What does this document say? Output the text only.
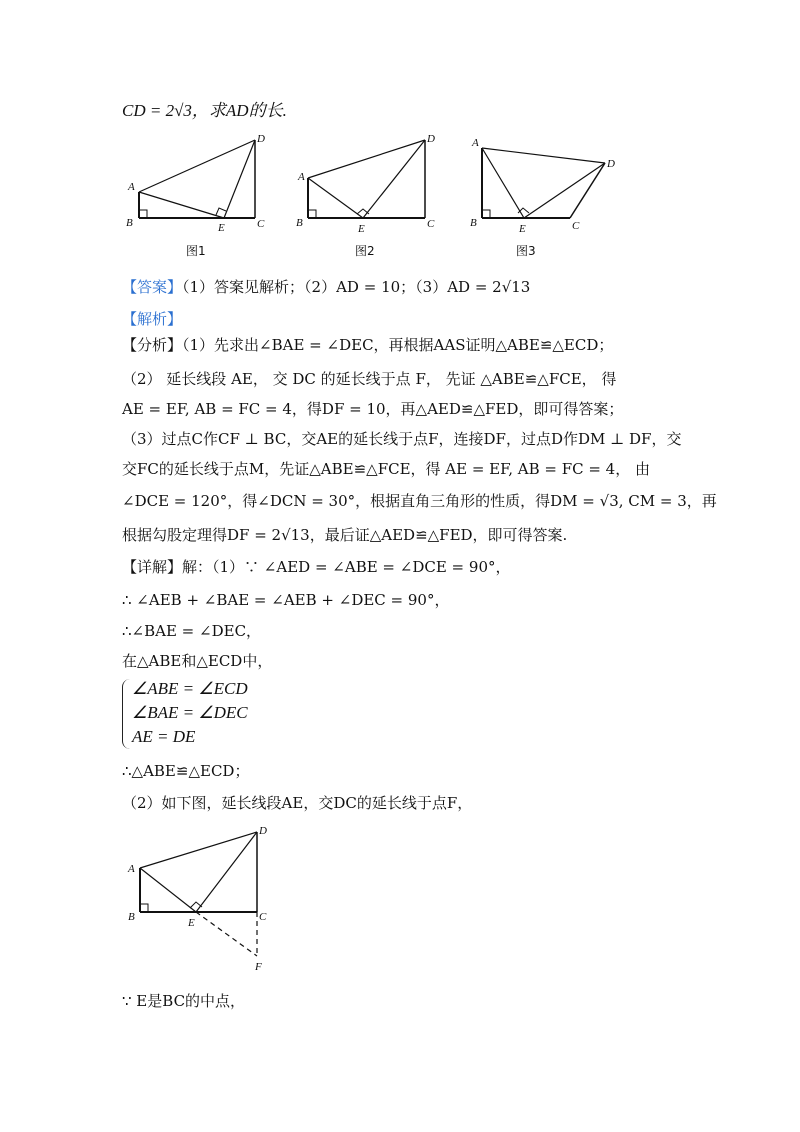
CD = 2√3，求AD的长.
A
B	C
D
E
图1
A
B	C
D
E
图2
A
B	C
D
E
图3
【答案】（1）答案见解析；（2）AD = 10；（3）AD = 2√13
【解析】
【分析】（1）先求出∠BAE = ∠DEC，再根据AAS证明△ABE≌△ECD；
（2） 延长线段 AE， 交 DC 的延长线于点 F， 先证 △ABE≌△FCE， 得
AE = EF, AB = FC = 4，得DF = 10，再△AED≌△FED，即可得答案；
（3）过点C作CF ⊥ BC，交AE的延长线于点F，连接DF，过点D作DM ⊥ DF，交
交FC的延长线于点M，先证△ABE≌△FCE，得 AE = EF, AB = FC = 4， 由
∠DCE = 120°，得∠DCN = 30°，根据直角三角形的性质，得DM = √3, CM = 3，再
根据勾股定理得DF = 2√13，最后证△AED≌△FED，即可得答案.
【详解】解：（1）∵ ∠AED = ∠ABE = ∠DCE = 90°，
∴ ∠AEB + ∠BAE = ∠AEB + ∠DEC = 90°，
∴∠BAE = ∠DEC，
在△ABE和△ECD中，
∠ABE = ∠ECD
∠BAE = ∠DEC
AE = DE
∴△ABE≌△ECD；
（2）如下图，延长线段AE，交DC的延长线于点F，
A
B	C
D
E
F
∵ E是BC的中点，
